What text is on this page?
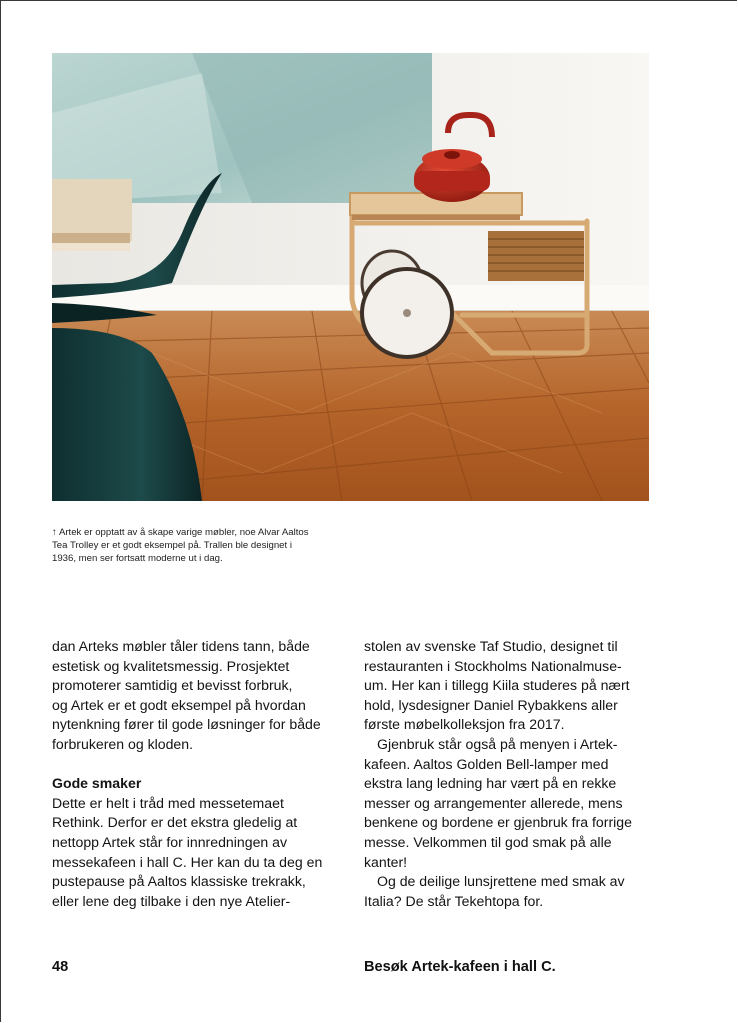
↑ Artek er opptatt av å skape varige møbler, noe Alvar Aaltos
Tea Trolley er et godt eksempel på. Trallen ble designet i
1936, men ser fortsatt moderne ut i dag.

dan Arteks møbler tåler tidens tann, både

estetisk og kvalitetsmessig. Prosjektet

promoterer samtidig et bevisst forbruk,

og Artek er et godt eksempel på hvordan

nytenkning fører til gode løsninger for både

forbrukeren og kloden.

Gode smaker

Dette er helt i tråd med messetemaet

Rethink. Derfor er det ekstra gledelig at

nettopp Artek står for innredningen av

messekafeen i hall C. Her kan du ta deg en

pustepause på Aaltos klassiske trekrakk,

eller lene deg tilbake i den nye Atelier-

stolen av svenske Taf Studio, designet til

restauranten i Stockholms Nationalmuse-

um. Her kan i tillegg Kiila studeres på nært

hold, lysdesigner Daniel Rybakkens aller

første møbelkolleksjon fra 2017.

Gjenbruk står også på menyen i Artek-

kafeen. Aaltos Golden Bell-lamper med

ekstra lang ledning har vært på en rekke

messer og arrangementer allerede, mens

benkene og bordene er gjenbruk fra forrige

messe. Velkommen til god smak på alle

kanter!

Og de deilige lunsjrettene med smak av

Italia? De står Tekehtopa for.

48	Besøk Artek-kafeen i hall C.
